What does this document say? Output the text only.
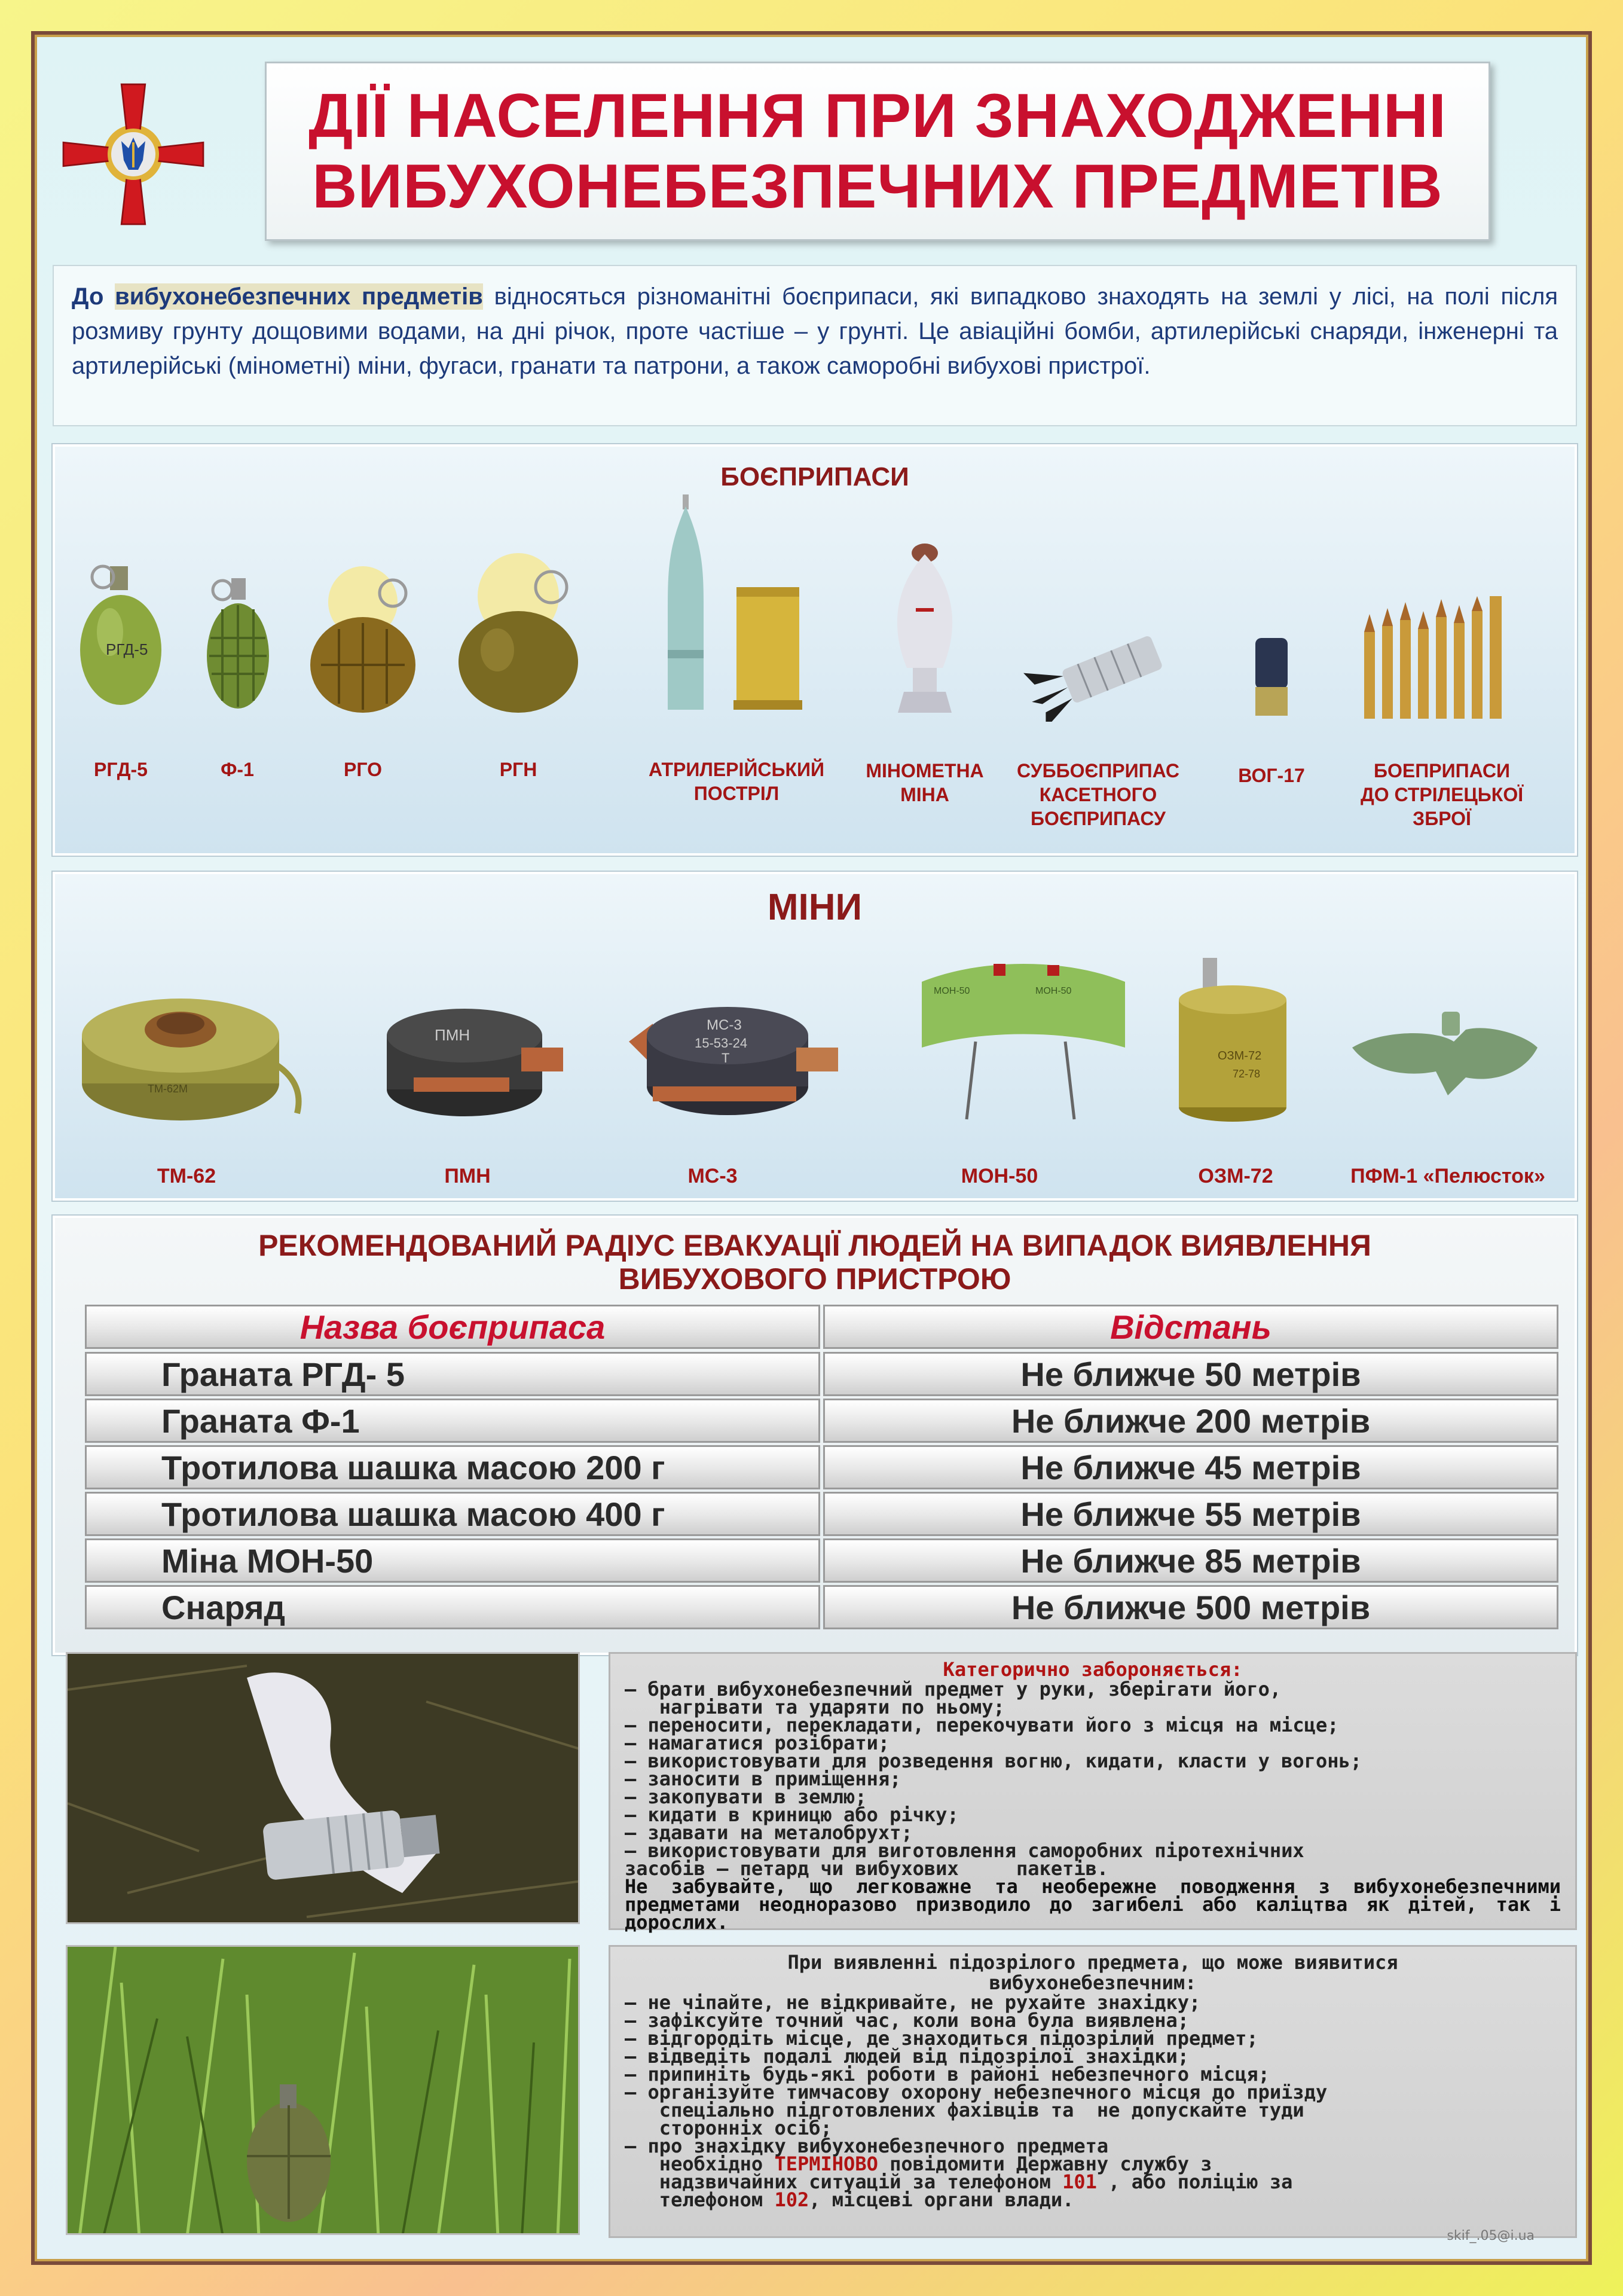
ДІЇ НАСЕЛЕННЯ ПРИ ЗНАХОДЖЕННІ
ВИБУХОНЕБЕЗПЕЧНИХ ПРЕДМЕТІВ
До вибухонебезпечних предметів відносяться різноманітні боєприпаси, які випадково знаходять на землі у лісі, на полі після розмиву грунту дощовими водами, на дні річок, проте частіше – у грунті. Це авіаційні бомби, артилерійські снаряди, інженерні та артилерійські (мінометні) міни, фугаси, гранати та патрони, а також саморобні вибухові пристрої.
БОЄПРИПАСИ
РГД-5
РГД-5	Ф-1	РГО	РГН	АТРИЛЕРІЙСЬКИЙ
ПОСТРІЛ
МІНОМЕТНА
МІНА
СУББОЄПРИПАС
КАСЕТНОГО
БОЄПРИПАСУ
ВОГ-17	БОЕПРИПАСИ
ДО СТРІЛЕЦЬКОЇ
ЗБРОЇ
МІНИ
ТМ-62М
ПМН
МС-3
15-53-24
Т
МОН-50	МОН-50
ОЗМ-72
72-78
ТМ-62	ПМН	МС-3	МОН-50	ОЗМ-72	ПФМ-1 «Пелюсток»
РЕКОМЕНДОВАНИЙ РАДІУС ЕВАКУАЦІЇ ЛЮДЕЙ НА ВИПАДОК ВИЯВЛЕННЯ
ВИБУХОВОГО ПРИСТРОЮ
Назва боєприпаса	Відстань
Граната РГД- 5	Не ближче 50 метрів
Граната Ф-1	Не ближче 200 метрів
Тротилова шашка масою 200 г	Не ближче 45 метрів
Тротилова шашка масою 400 г	Не ближче 55 метрів
Міна МОН-50	Не ближче 85 метрів
Снаряд	Не ближче 500 метрів
Категорично забороняється:
– брати вибухонебезпечний предмет у руки, зберігати його,
нагрівати та ударяти по ньому;
– переносити, перекладати, перекочувати його з місця на місце;
– намагатися розібрати;
– використовувати для розведення вогню, кидати, класти у вогонь;
– заносити в приміщення;
– закопувати в землю;
– кидати в криницю або річку;
– здавати на металобрухт;
– використовувати для виготовлення саморобних піротехнічних
засобів – петард чи вибухових     пакетів.
Не забувайте, що легковажне та необережне поводження з вибухонебезпечними предметами неодноразово призводило до загибелі або каліцтва як дітей, так і дорослих.
При виявленні підозрілого предмета, що може виявитися
вибухонебезпечним:
– не чіпайте, не відкривайте, не рухайте знахідку;
– зафіксуйте точний час, коли вона була виявлена;
– відгородіть місце, де знаходиться підозрілий предмет;
– відведіть подалі людей від підозрілої знахідки;
– припиніть будь-які роботи в районі небезпечного місця;
– організуйте тимчасову охорону небезпечного місця до приїзду
спеціально підготовлених фахівців та  не допускайте туди
сторонніх осіб;
– про знахідку вибухонебезпечного предмета
необхідно ТЕРМІНОВО повідомити Державну службу з
надзвичайних ситуацій за телефоном 101 , або поліцію за
телефоном 102, місцеві органи влади.
skif_.05@i.ua
